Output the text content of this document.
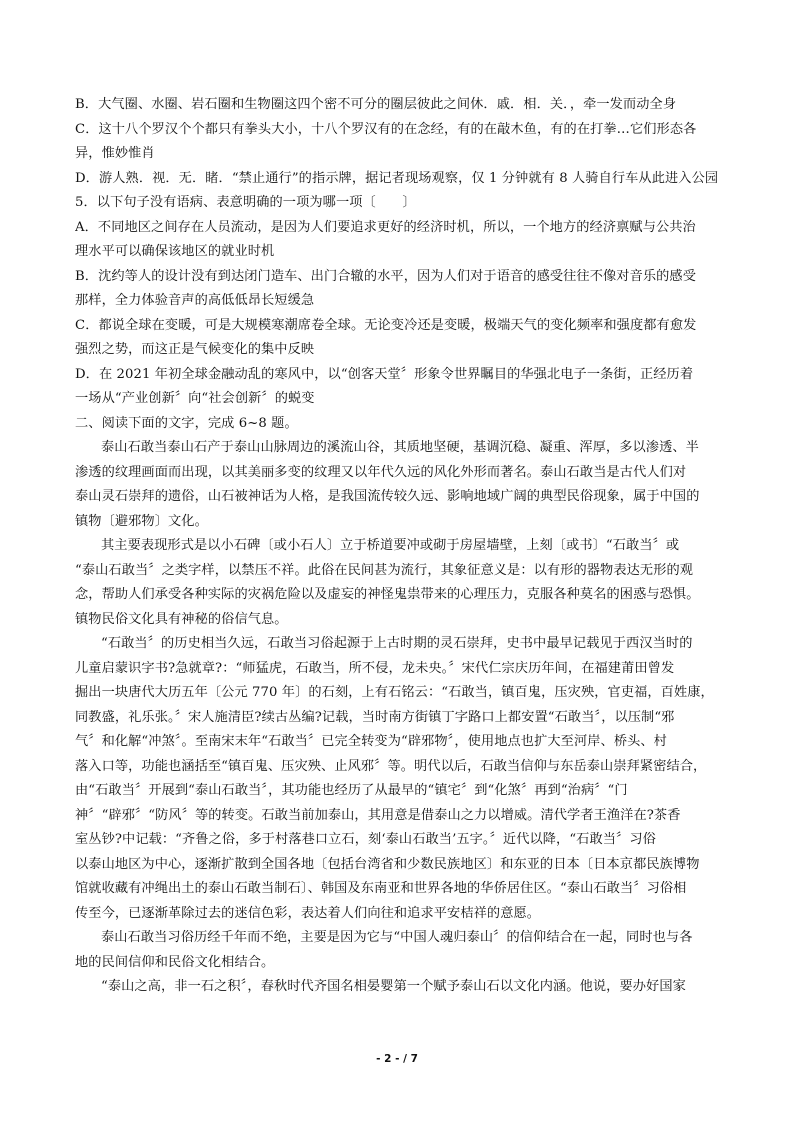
B．大气圈、水圈、岩石圈和生物圈这四个密不可分的圈层彼此之间休．戚．相．关．，牵一发而动全身
C．这十八个罗汉个个都只有拳头大小，十八个罗汉有的在念经，有的在敲木鱼，有的在打拳…它们形态各
异，惟妙惟肖
D．游人熟．视．无．睹．“禁止通行”的指示牌，据记者现场观察，仅 1 分钟就有 8 人骑自行车从此进入公园
5．以下句子没有语病、表意明确的一项为哪一项〔　　〕
A．不同地区之间存在人员流动，是因为人们要追求更好的经济时机，所以，一个地方的经济禀赋与公共治
理水平可以确保该地区的就业时机
B．沈约等人的设计没有到达闭门造车、出门合辙的水平，因为人们对于语音的感受往往不像对音乐的感受
那样，全力体验音声的高低低昂长短缓急
C．都说全球在变暖，可是大规模寒潮席卷全球。无论变冷还是变暖，极端天气的变化频率和强度都有愈发
强烈之势，而这正是气候变化的集中反映
D．在 2021 年初全球金融动乱的寒风中，以“创客天堂〞形象令世界瞩目的华强北电子一条街，正经历着
一场从“产业创新〞向“社会创新〞的蜕变
二、阅读下面的文字，完成 6~8 题。
泰山石敢当泰山石产于泰山山脉周边的溪流山谷，其质地坚硬，基调沉稳、凝重、浑厚，多以渗透、半
渗透的纹理画面而出现，以其美丽多变的纹理又以年代久远的风化外形而著名。泰山石敢当是古代人们对
泰山灵石崇拜的遗俗，山石被神话为人格，是我国流传较久远、影响地域广阔的典型民俗现象，属于中国的
镇物〔避邪物〕文化。
其主要表现形式是以小石碑〔或小石人〕立于桥道要冲或砌于房屋墙壁，上刻〔或书〕“石敢当〞或
“泰山石敢当〞之类字样，以禁压不祥。此俗在民间甚为流行，其象征意义是：以有形的器物表达无形的观
念，帮助人们承受各种实际的灾祸危险以及虚妄的神怪鬼祟带来的心理压力，克服各种莫名的困惑与恐惧。
镇物民俗文化具有神秘的俗信气息。
“石敢当〞的历史相当久远，石敢当习俗起源于上古时期的灵石崇拜，史书中最早记载见于西汉当时的
儿童启蒙识字书?急就章?：“师猛虎，石敢当，所不侵，龙未央。〞宋代仁宗庆历年间，在福建莆田曾发
掘出一块唐代大历五年〔公元 770 年〕的石刻，上有石铭云：“石敢当，镇百鬼，压灾殃，官吏福，百姓康，
同教盛，礼乐张。〞宋人施清臣?续古丛编?记载，当时南方街镇丁字路口上都安置“石敢当〞，以压制“邪
气〞和化解“冲煞〞。至南宋末年“石敢当〞已完全转变为“辟邪物〞，使用地点也扩大至河岸、桥头、村
落入口等，功能也涵括至“镇百鬼、压灾殃、止风邪〞等。明代以后，石敢当信仰与东岳泰山崇拜紧密结合，
由“石敢当〞开展到“泰山石敢当〞，其功能也经历了从最早的“镇宅〞到“化煞〞再到“治病〞“门
神〞“辟邪〞“防风〞等的转变。石敢当前加泰山，其用意是借泰山之力以增威。清代学者王渔洋在?茶香
室丛钞?中记载：“齐鲁之俗，多于村落巷口立石，刻‘泰山石敢当’五字。〞近代以降，“石敢当〞习俗
以泰山地区为中心，逐渐扩散到全国各地〔包括台湾省和少数民族地区〕和东亚的日本〔日本京都民族博物
馆就收藏有冲绳出土的泰山石敢当制石〕、韩国及东南亚和世界各地的华侨居住区。“泰山石敢当〞习俗相
传至今，已逐渐革除过去的迷信色彩，表达着人们向往和追求平安桔祥的意愿。
泰山石敢当习俗历经千年而不绝，主要是因为它与“中国人魂归泰山〞的信仰结合在一起，同时也与各
地的民间信仰和民俗文化相结合。
“泰山之高，非一石之积〞，春秋时代齐国名相晏婴第一个赋予泰山石以文化内涵。他说，要办好国家
- 2 - / 7
